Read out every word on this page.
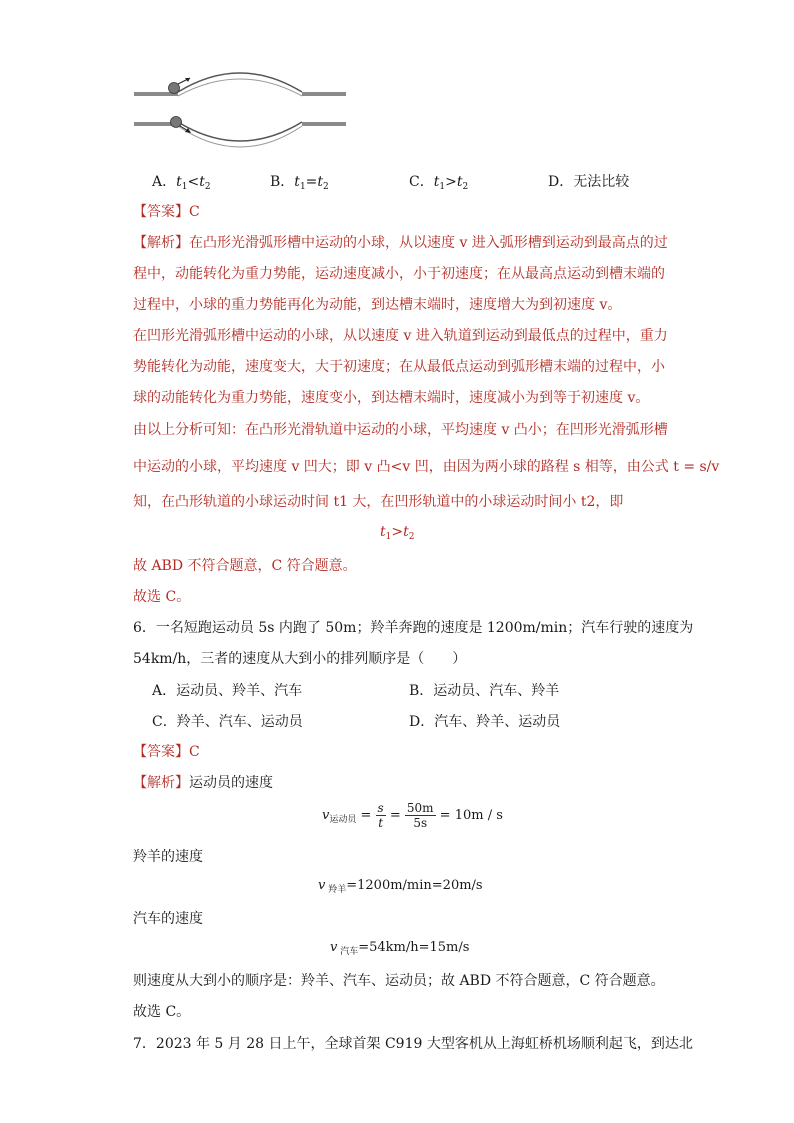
A．$t_1<t_2$	B．$t_1=t_2$	C．$t_1>t_2$	D．无法比较
【答案】C
【解析】在凸形光滑弧形槽中运动的小球，从以速度 v 进入弧形槽到运动到最高点的过
程中，动能转化为重力势能，运动速度减小，小于初速度；在从最高点运动到槽末端的
过程中，小球的重力势能再化为动能，到达槽末端时，速度增大为到初速度 v。
在凹形光滑弧形槽中运动的小球，从以速度 v 进入轨道到运动到最低点的过程中，重力
势能转化为动能，速度变大，大于初速度；在从最低点运动到弧形槽末端的过程中，小
球的动能转化为重力势能，速度变小，到达槽末端时，速度减小为到等于初速度 v。
由以上分析可知：在凸形光滑轨道中运动的小球，平均速度 v 凸小；在凹形光滑弧形槽
中运动的小球，平均速度 v 凹大；即 v 凸<v 凹，由因为两小球的路程 s 相等，由公式 t = s/v
知，在凸形轨道的小球运动时间 t1 大，在凹形轨道中的小球运动时间小 t2，即
$t_1>t_2$
故 ABD 不符合题意，C 符合题意。
故选 C。
6．一名短跑运动员 5s 内跑了 50m；羚羊奔跑的速度是 1200m/min；汽车行驶的速度为
54km/h，三者的速度从大到小的排列顺序是（　　）
A．运动员、羚羊、汽车	B．运动员、汽车、羚羊
C．羚羊、汽车、运动员	D．汽车、羚羊、运动员
【答案】C
【解析】运动员的速度
$v_{运动员} = \frac{s}{t} = \frac{50m}{5s} = 10m / s$
羚羊的速度
v $_{羚羊}$=1200m/min=20m/s
汽车的速度
v $_{汽车}$=54km/h=15m/s
则速度从大到小的顺序是：羚羊、汽车、运动员；故 ABD 不符合题意，C 符合题意。
故选 C。
7．2023 年 5 月 28 日上午，全球首架 C919 大型客机从上海虹桥机场顺利起飞，到达北
